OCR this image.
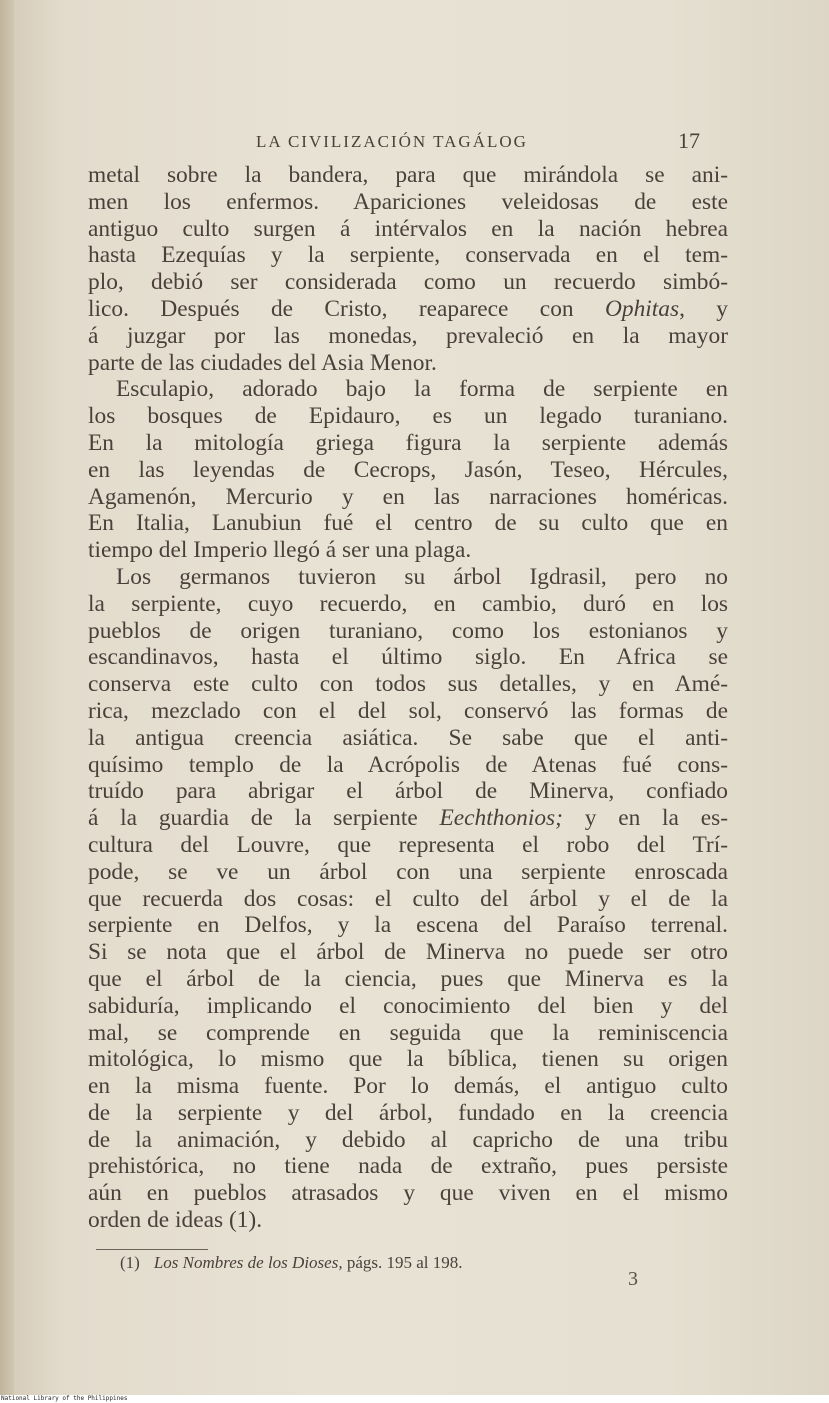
LA CIVILIZACIÓN TAGÁLOG	17
metal sobre la bandera, para que mirándola se ani-
men los enfermos. Apariciones veleidosas de este
antiguo culto surgen á intérvalos en la nación hebrea
hasta Ezequías y la serpiente, conservada en el tem-
plo, debió ser considerada como un recuerdo simbó-
lico. Después de Cristo, reaparece con Ophitas, y
á juzgar por las monedas, prevaleció en la mayor
parte de las ciudades del Asia Menor.
Esculapio, adorado bajo la forma de serpiente en
los bosques de Epidauro, es un legado turaniano.
En la mitología griega figura la serpiente además
en las leyendas de Cecrops, Jasón, Teseo, Hércules,
Agamenón, Mercurio y en las narraciones homéricas.
En Italia, Lanubiun fué el centro de su culto que en
tiempo del Imperio llegó á ser una plaga.
Los germanos tuvieron su árbol Igdrasil, pero no
la serpiente, cuyo recuerdo, en cambio, duró en los
pueblos de origen turaniano, como los estonianos y
escandinavos, hasta el último siglo. En Africa se
conserva este culto con todos sus detalles, y en Amé-
rica, mezclado con el del sol, conservó las formas de
la antigua creencia asiática. Se sabe que el anti-
quísimo templo de la Acrópolis de Atenas fué cons-
truído para abrigar el árbol de Minerva, confiado
á la guardia de la serpiente Eechthonios; y en la es-
cultura del Louvre, que representa el robo del Trí-
pode, se ve un árbol con una serpiente enroscada
que recuerda dos cosas: el culto del árbol y el de la
serpiente en Delfos, y la escena del Paraíso terrenal.
Si se nota que el árbol de Minerva no puede ser otro
que el árbol de la ciencia, pues que Minerva es la
sabiduría, implicando el conocimiento del bien y del
mal, se comprende en seguida que la reminiscencia
mitológica, lo mismo que la bíblica, tienen su origen
en la misma fuente. Por lo demás, el antiguo culto
de la serpiente y del árbol, fundado en la creencia
de la animación, y debido al capricho de una tribu
prehistórica, no tiene nada de extraño, pues persiste
aún en pueblos atrasados y que viven en el mismo
orden de ideas (1).
(1) Los Nombres de los Dioses, págs. 195 al 198.
3
National Library of the Philippines
